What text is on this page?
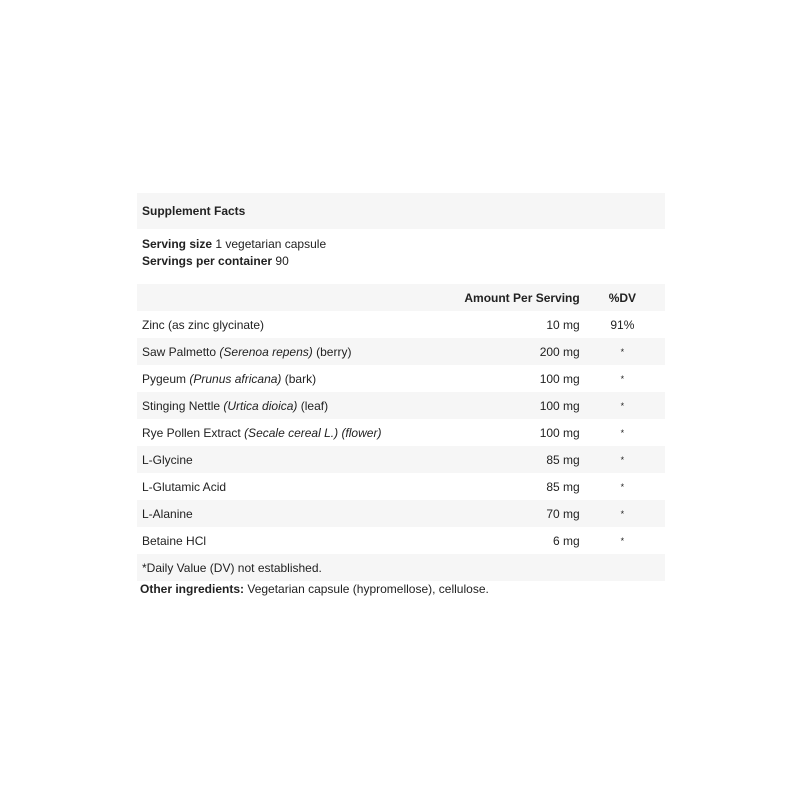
Supplement Facts
Serving size 1 vegetarian capsule
Servings per container 90
	Amount Per Serving	%DV
Zinc (as zinc glycinate)	10 mg	91%
Saw Palmetto (Serenoa repens) (berry)	200 mg	*
Pygeum (Prunus africana) (bark)	100 mg	*
Stinging Nettle (Urtica dioica) (leaf)	100 mg	*
Rye Pollen Extract (Secale cereal L.) (flower)	100 mg	*
L-Glycine	85 mg	*
L-Glutamic Acid	85 mg	*
L-Alanine	70 mg	*
Betaine HCl	6 mg	*
*Daily Value (DV) not established.
Other ingredients: Vegetarian capsule (hypromellose), cellulose.
